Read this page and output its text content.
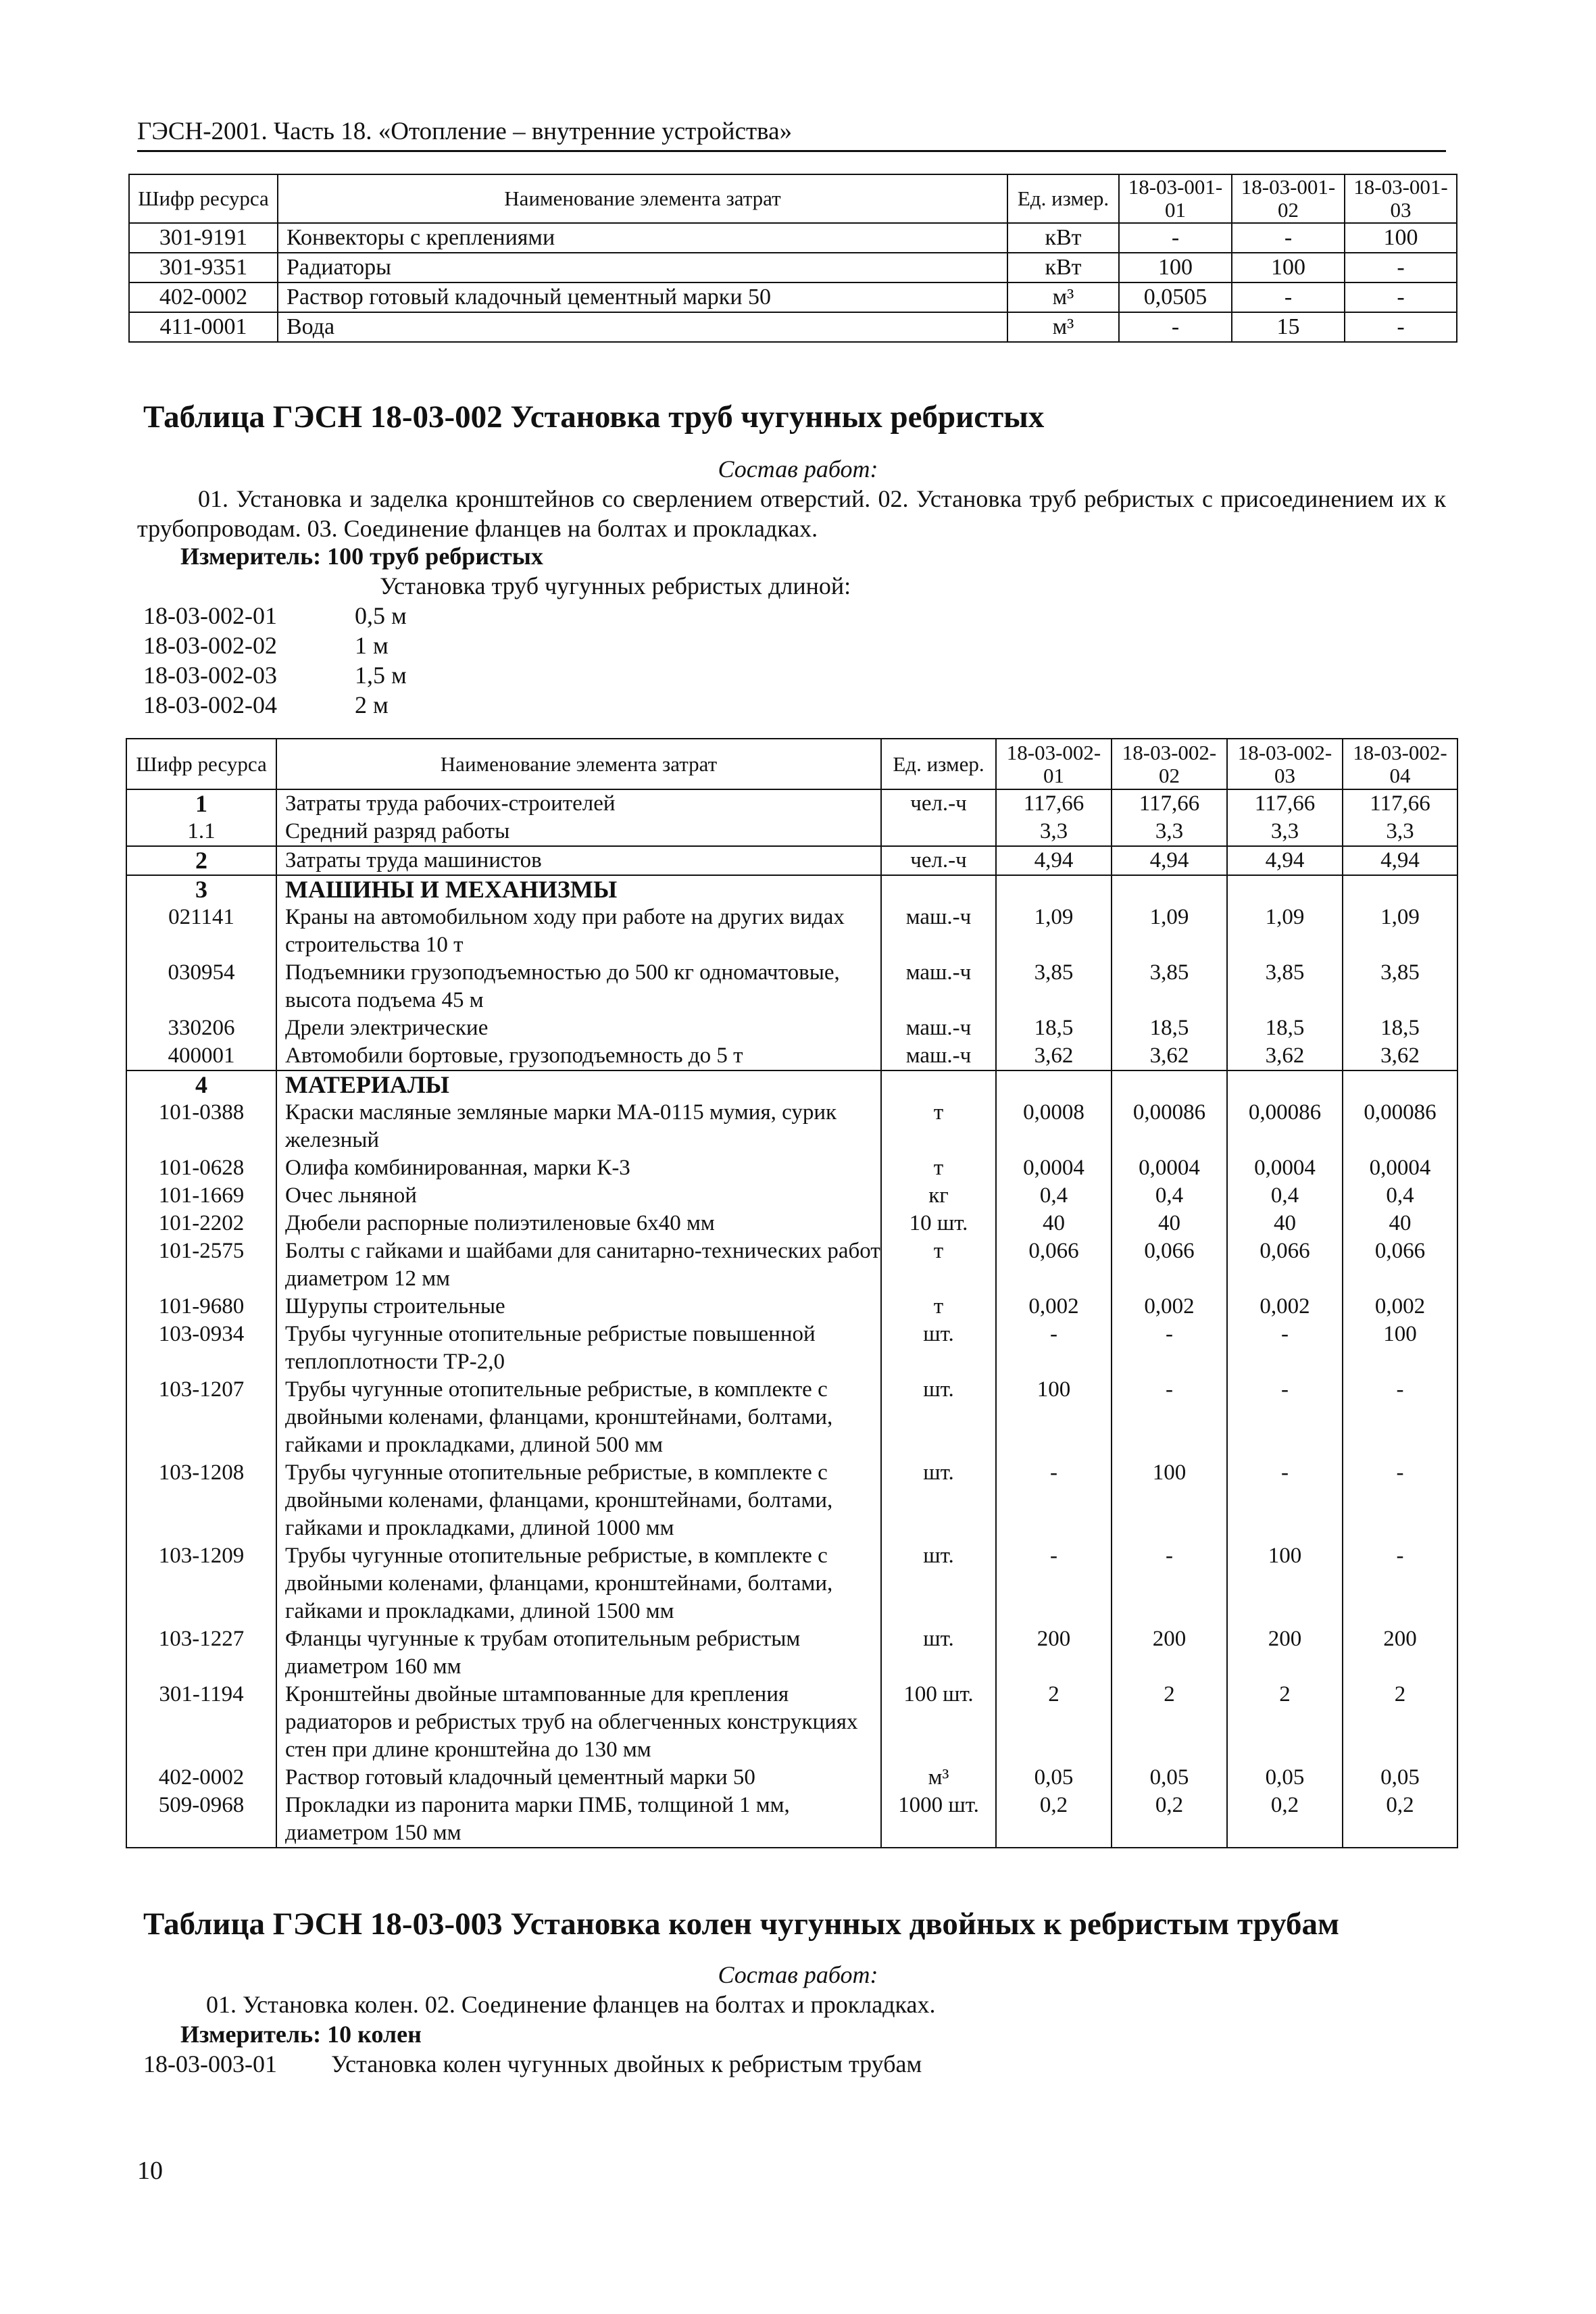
ГЭСН-2001. Часть 18. «Отопление – внутренние устройства»
Шифр ресурса	Наименование элемента затрат	Ед. измер.	18-03-001-01	18-03-001-02	18-03-001-03
301-9191	Конвекторы с креплениями	кВт	-	-	100
301-9351	Радиаторы	кВт	100	100	-
402-0002	Раствор готовый кладочный цементный марки 50	м³	0,0505	-	-
411-0001	Вода	м³	-	15	-
Таблица ГЭСН 18-03-002 Установка труб чугунных ребристых
Состав работ:
01. Установка и заделка кронштейнов со сверлением отверстий. 02. Установка труб ребристых с присоединением их к трубопроводам. 03. Соединение фланцев на болтах и прокладках.
Измеритель: 100 труб ребристых
Установка труб чугунных ребристых длиной:
18-03-002-01	0,5 м
18-03-002-02	1 м
18-03-002-03	1,5 м
18-03-002-04	2 м
Шифр ресурса	Наименование элемента затрат	Ед. измер.	18-03-002-01	18-03-002-02	18-03-002-03	18-03-002-04
1	Затраты труда рабочих-строителей	чел.-ч	117,66	117,66	117,66	117,66
1.1	Средний разряд работы		3,3	3,3	3,3	3,3
2	Затраты труда машинистов	чел.-ч	4,94	4,94	4,94	4,94
3	МАШИНЫ И МЕХАНИЗМЫ					
021141	Краны на автомобильном ходу при работе на других видах строительства 10 т	маш.-ч	1,09	1,09	1,09	1,09
030954	Подъемники грузоподъемностью до 500 кг одномачтовые, высота подъема 45 м	маш.-ч	3,85	3,85	3,85	3,85
330206	Дрели электрические	маш.-ч	18,5	18,5	18,5	18,5
400001	Автомобили бортовые, грузоподъемность до 5 т	маш.-ч	3,62	3,62	3,62	3,62
4	МАТЕРИАЛЫ					
101-0388	Краски масляные земляные марки МА-0115 мумия, сурик железный	т	0,0008	0,00086	0,00086	0,00086
101-0628	Олифа комбинированная, марки К-3	т	0,0004	0,0004	0,0004	0,0004
101-1669	Очес льняной	кг	0,4	0,4	0,4	0,4
101-2202	Дюбели распорные полиэтиленовые 6х40 мм	10 шт.	40	40	40	40
101-2575	Болты с гайками и шайбами для санитарно-технических работ диаметром 12 мм	т	0,066	0,066	0,066	0,066
101-9680	Шурупы строительные	т	0,002	0,002	0,002	0,002
103-0934	Трубы чугунные отопительные ребристые повышенной теплоплотности ТР-2,0	шт.	-	-	-	100
103-1207	Трубы чугунные отопительные ребристые, в комплекте с двойными коленами, фланцами, кронштейнами, болтами, гайками и прокладками, длиной 500 мм	шт.	100	-	-	-
103-1208	Трубы чугунные отопительные ребристые, в комплекте с двойными коленами, фланцами, кронштейнами, болтами, гайками и прокладками, длиной 1000 мм	шт.	-	100	-	-
103-1209	Трубы чугунные отопительные ребристые, в комплекте с двойными коленами, фланцами, кронштейнами, болтами, гайками и прокладками, длиной 1500 мм	шт.	-	-	100	-
103-1227	Фланцы чугунные к трубам отопительным ребристым диаметром 160 мм	шт.	200	200	200	200
301-1194	Кронштейны двойные штампованные для крепления радиаторов и ребристых труб на облегченных конструкциях стен при длине кронштейна до 130 мм	100 шт.	2	2	2	2
402-0002	Раствор готовый кладочный цементный марки 50	м³	0,05	0,05	0,05	0,05
509-0968	Прокладки из паронита марки ПМБ, толщиной 1 мм, диаметром 150 мм	1000 шт.	0,2	0,2	0,2	0,2
Таблица ГЭСН 18-03-003 Установка колен чугунных двойных к ребристым трубам
Состав работ:
01. Установка колен. 02. Соединение фланцев на болтах и прокладках.
Измеритель: 10 колен
18-03-003-01 Установка колен чугунных двойных к ребристым трубам
10
